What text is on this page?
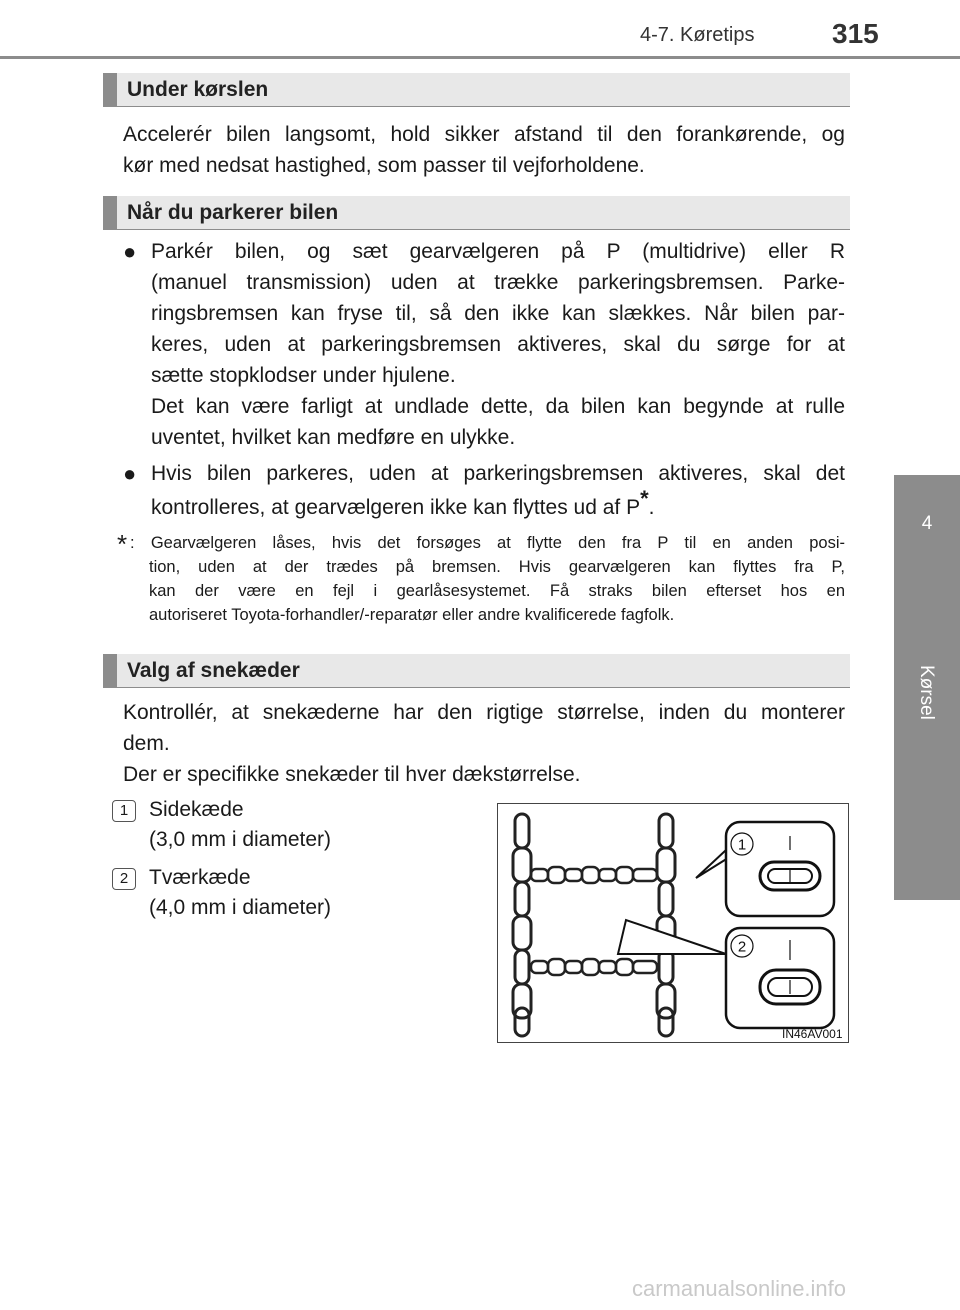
4-7. Køretips	315
4
Kørsel
Under kørslen
Accelerér bilen langsomt, hold sikker afstand til den forankørende, og
kør med nedsat hastighed, som passer til vejforholdene.
Når du parkerer bilen
● Parkér bilen, og sæt gearvælgeren på P (multidrive) eller R

(manuel transmission) uden at trække parkeringsbremsen. Parke-

ringsbremsen kan fryse til, så den ikke kan slækkes. Når bilen par-

keres, uden at parkeringsbremsen aktiveres, skal du sørge for at

sætte stopklodser under hjulene.

Det kan være farligt at undlade dette, da bilen kan begynde at rulle

uventet, hvilket kan medføre en ulykke.

● Hvis bilen parkeres, uden at parkeringsbremsen aktiveres, skal det

kontrolleres, at gearvælgeren ikke kan flyttes ud af P*.

* : Gearvælgeren låses, hvis det forsøges at flytte den fra P til en anden posi-
tion, uden at der trædes på bremsen. Hvis gearvælgeren kan flyttes fra P,
kan der være en fejl i gearlåsesystemet. Få straks bilen efterset hos en
autoriseret Toyota-forhandler/-reparatør eller andre kvalificerede fagfolk.
Valg af snekæder
Kontrollér, at snekæderne har den rigtige størrelse, inden du monterer
dem.
Der er specifikke snekæder til hver dækstørrelse.
1 Sidekæde
(3,0 mm i diameter)
2 Tværkæde
(4,0 mm i diameter)
1
2
IN46AV001
carmanualsonline.info
